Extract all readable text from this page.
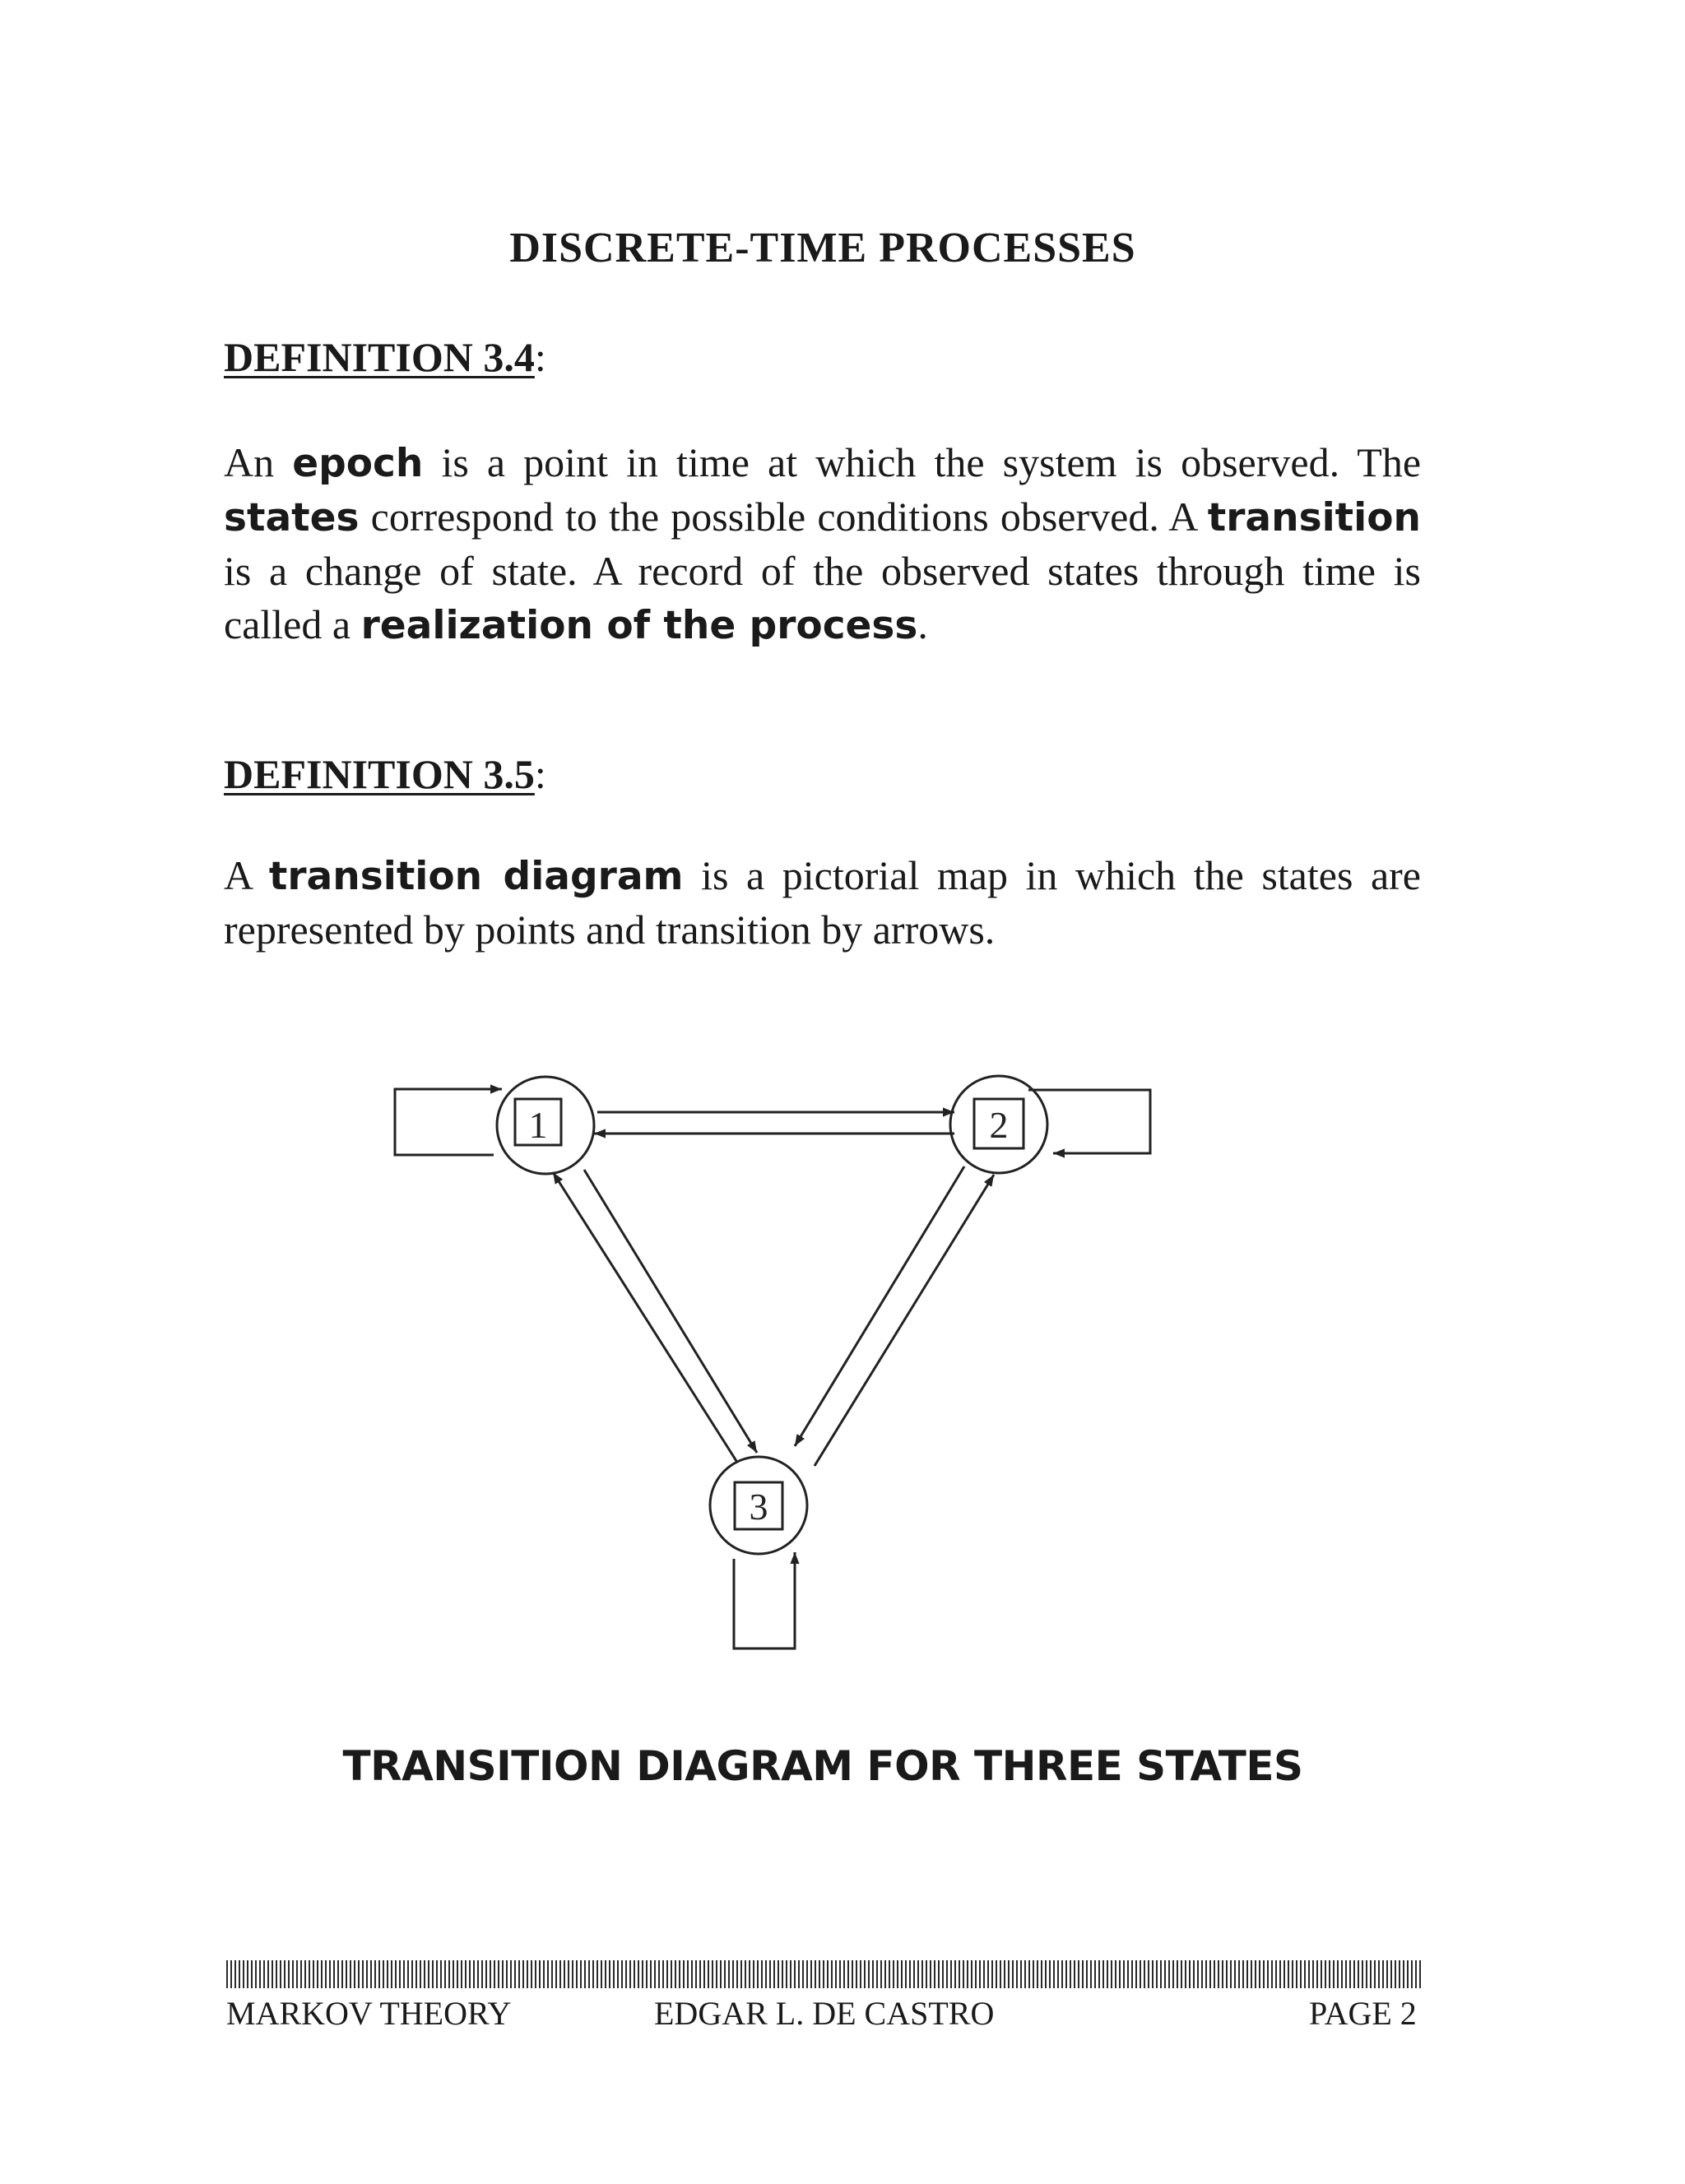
DISCRETE-TIME PROCESSES
DEFINITION 3.4:
An epoch is a point in time at which the system is observed. The states correspond to the possible conditions observed. A transition is a change of state. A record of the observed states through time is called a realization of the process.
DEFINITION 3.5:
A transition diagram is a pictorial map in which the states are represented by points and transition by arrows.
1	2
3
TRANSITION DIAGRAM FOR THREE STATES
MARKOV THEORY	EDGAR L. DE CASTRO	PAGE 2
